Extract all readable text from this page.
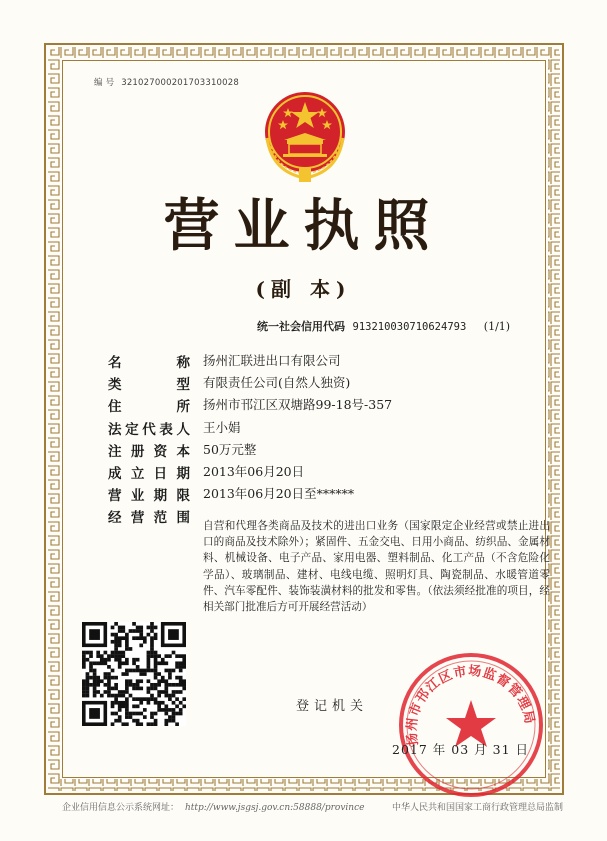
编 号 321027000201703310028
营业执照
(副 本)
统一社会信用代码 913210030710624793 (1/1)
名称 扬州汇联进出口有限公司
类型 有限责任公司(自然人独资)
住所 扬州市邗江区双塘路99-18号-357
法定代表人 王小娟
注册资本 50万元整
成立日期 2013年06月20日
营业期限 2013年06月20日至******
经营范围 自营和代理各类商品及技术的进出口业务（国家限定企业经营或禁止进出口的商品及技术除外）；紧固件、五金交电、日用小商品、纺织品、金属材料、机械设备、电子产品、家用电器、塑料制品、化工产品（不含危险化学品）、玻璃制品、建材、电线电缆、照明灯具、陶瓷制品、水暖管道零件、汽车零配件、装饰装潢材料的批发和零售。（依法须经批准的项目，经相关部门批准后方可开展经营活动）
登记机关
扬州市邗江区市场监督管理局
2017 年 03 月 31 日
企业信用信息公示系统网址： http://www.jsgsj.gov.cn:58888/province	中华人民共和国国家工商行政管理总局监制
